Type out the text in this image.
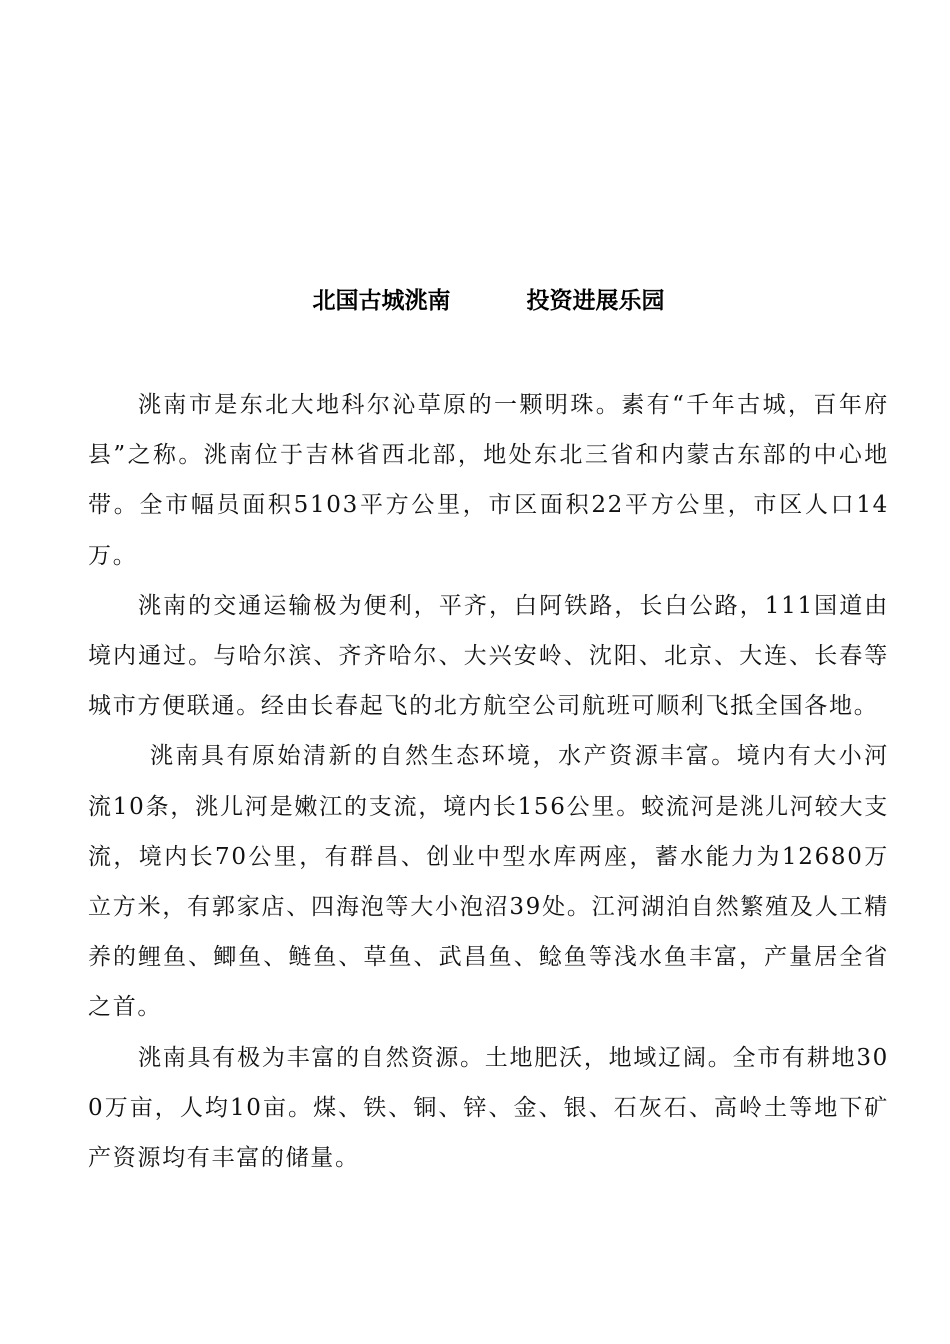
北国古城洮南	投资进展乐园

洮南市是东北大地科尔沁草原的一颗明珠。素有“千年古城，百年府县”之称。洮南位于吉林省西北部，地处东北三省和内蒙古东部的中心地带。全市幅员面积5103平方公里，市区面积22平方公里，市区人口14万。

洮南的交通运输极为便利，平齐，白阿铁路，长白公路，111国道由境内通过。与哈尔滨、齐齐哈尔、大兴安岭、沈阳、北京、大连、长春等城市方便联通。经由长春起飞的北方航空公司航班可顺利飞抵全国各地。

洮南具有原始清新的自然生态环境，水产资源丰富。境内有大小河流10条，洮儿河是嫩江的支流，境内长156公里。蛟流河是洮儿河较大支流，境内长70公里，有群昌、创业中型水库两座，蓄水能力为12680万立方米，有郭家店、四海泡等大小泡沼39处。江河湖泊自然繁殖及人工精养的鲤鱼、鲫鱼、鲢鱼、草鱼、武昌鱼、鲶鱼等浅水鱼丰富，产量居全省之首。

洮南具有极为丰富的自然资源。土地肥沃，地域辽阔。全市有耕地300万亩，人均10亩。煤、铁、铜、锌、金、银、石灰石、高岭土等地下矿产资源均有丰富的储量。
